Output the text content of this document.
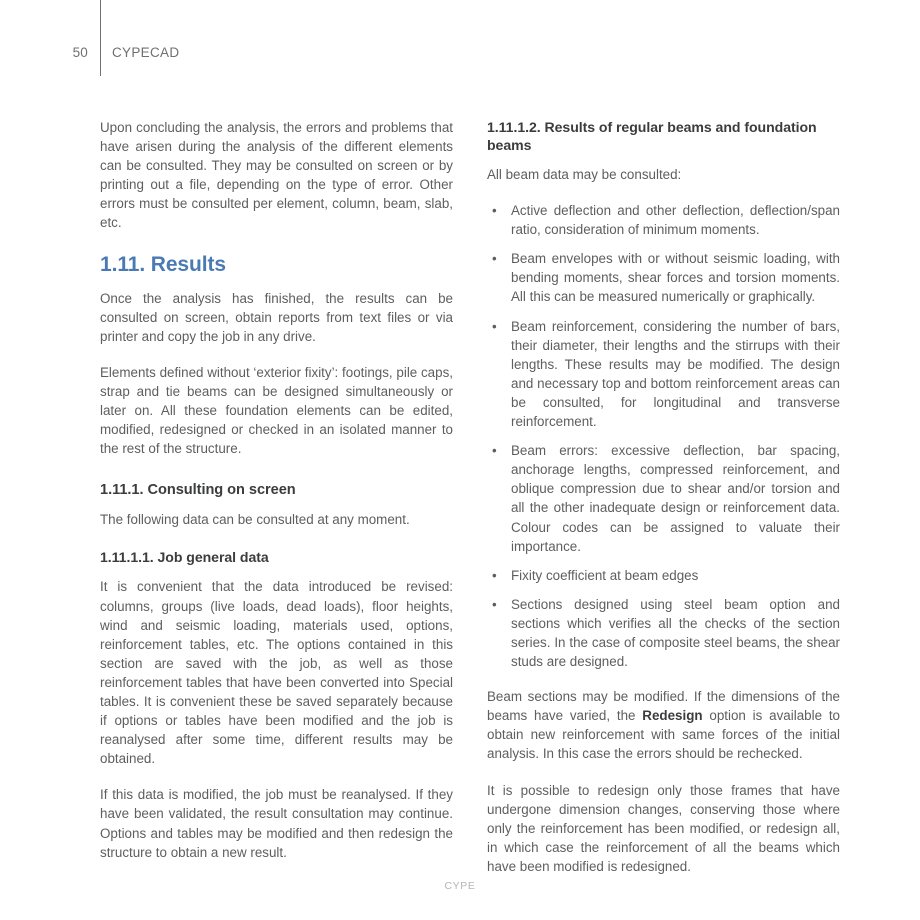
50 CYPECAD

Upon concluding the analysis, the errors and problems that have arisen during the analysis of the different elements can be consulted. They may be consulted on screen or by printing out a file, depending on the type of error. Other errors must be consulted per element, column, beam, slab, etc.

1.11. Results

Once the analysis has finished, the results can be consulted on screen, obtain reports from text files or via printer and copy the job in any drive.

Elements defined without ‘exterior fixity’: footings, pile caps, strap and tie beams can be designed simultaneously or later on. All these foundation elements can be edited, modified, redesigned or checked in an isolated manner to the rest of the structure.

1.11.1. Consulting on screen

The following data can be consulted at any moment.

1.11.1.1. Job general data

It is convenient that the data introduced be revised: columns, groups (live loads, dead loads), floor heights, wind and seismic loading, materials used, options, reinforcement tables, etc. The options contained in this section are saved with the job, as well as those reinforcement tables that have been converted into Special tables. It is convenient these be saved separately because if options or tables have been modified and the job is reanalysed after some time, different results may be obtained.

If this data is modified, the job must be reanalysed. If they have been validated, the result consultation may continue. Options and tables may be modified and then redesign the structure to obtain a new result.

1.11.1.2. Results of regular beams and foundation beams

All beam data may be consulted:

• Active deflection and other deflection, deflection/span ratio, consideration of minimum moments.
• Beam envelopes with or without seismic loading, with bending moments, shear forces and torsion moments. All this can be measured numerically or graphically.
• Beam reinforcement, considering the number of bars, their diameter, their lengths and the stirrups with their lengths. These results may be modified. The design and necessary top and bottom reinforcement areas can be consulted, for longitudinal and transverse reinforcement.
• Beam errors: excessive deflection, bar spacing, anchorage lengths, compressed reinforcement, and oblique compression due to shear and/or torsion and all the other inadequate design or reinforcement data. Colour codes can be assigned to valuate their importance.
• Fixity coefficient at beam edges
• Sections designed using steel beam option and sections which verifies all the checks of the section series. In the case of composite steel beams, the shear studs are designed.

Beam sections may be modified. If the dimensions of the beams have varied, the Redesign option is available to obtain new reinforcement with same forces of the initial analysis. In this case the errors should be rechecked.

It is possible to redesign only those frames that have undergone dimension changes, conserving those where only the reinforcement has been modified, or redesign all, in which case the reinforcement of all the beams which have been modified is redesigned.

CYPE
